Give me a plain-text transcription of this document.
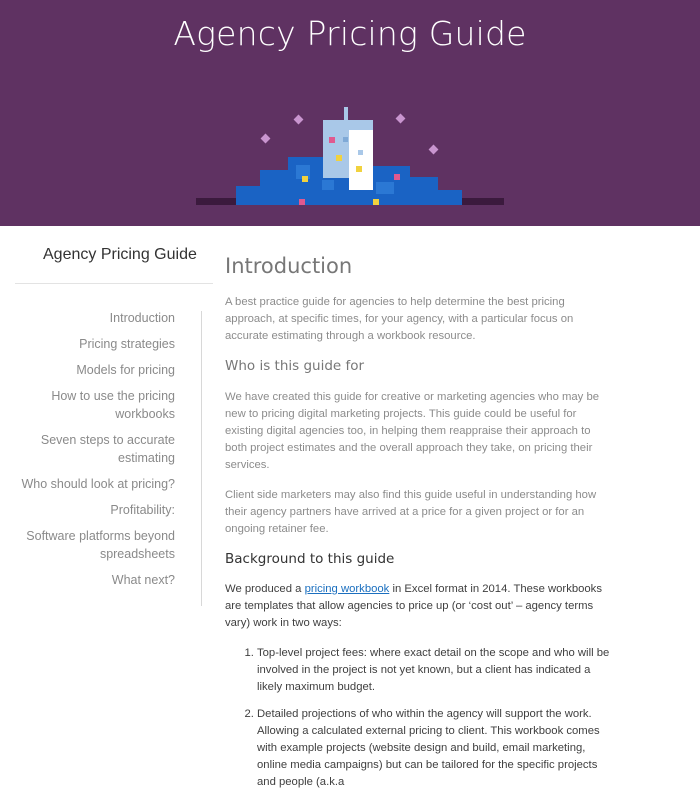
Agency Pricing Guide
Agency Pricing Guide
Introduction
Pricing strategies
Models for pricing
How to use the pricing workbooks
Seven steps to accurate estimating
Who should look at pricing?
Profitability:
Software platforms beyond spreadsheets
What next?
Introduction

A best practice guide for agencies to help determine the best pricing approach, at specific times, for your agency, with a particular focus on accurate estimating through a workbook resource.

Who is this guide for

We have created this guide for creative or marketing agencies who may be new to pricing digital marketing projects. This guide could be useful for existing digital agencies too, in helping them reappraise their approach to both project estimates and the overall approach they take, on pricing their services.

Client side marketers may also find this guide useful in understanding how their agency partners have arrived at a price for a given project or for an ongoing retainer fee.

Background to this guide

We produced a pricing workbook in Excel format in 2014. These workbooks are templates that allow agencies to price up (or ‘cost out’ – agency terms vary) work in two ways:

1. Top-level project fees: where exact detail on the scope and who will be involved in the project is not yet known, but a client has indicated a likely maximum budget.
2. Detailed projections of who within the agency will support the work. Allowing a calculated external pricing to client. This workbook comes with example projects (website design and build, email marketing, online media campaigns) but can be tailored for the specific projects and people (a.k.a
